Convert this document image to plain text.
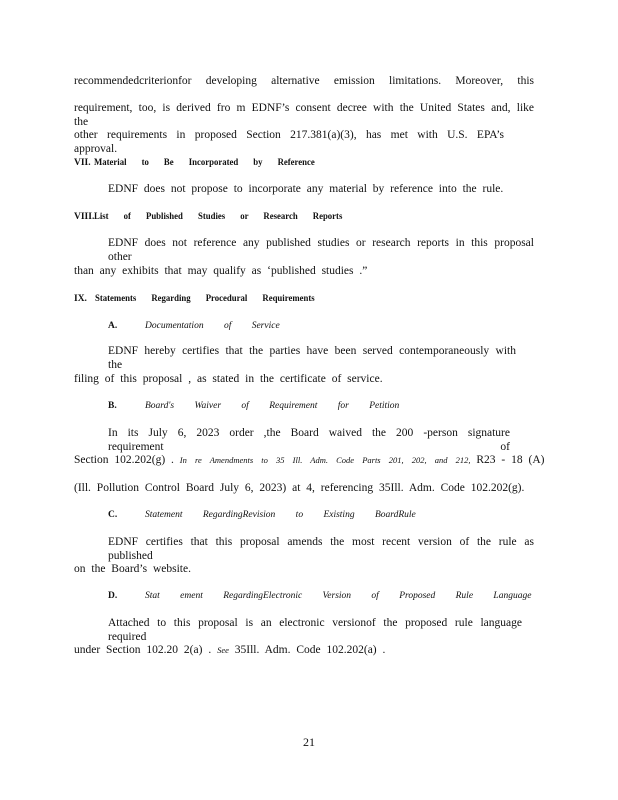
recommendedcriterionfor developing alternative emission limitations. Moreover, this
requirement, too, is derived fro m EDNF’s consent decree with the United States and, like the
other requirements in proposed Section 217.381(a)(3), has met with U.S. EPA’s approval.
VII. Material to Be Incorporated by Reference
EDNF does not propose to incorporate any material by reference into the rule.
VIII. List of Published Studies or Research Reports
EDNF does not reference any published studies or research reports in this proposal other
than any exhibits that may qualify as ‘published studies .”
IX. Statements Regarding Procedural Requirements
A.	Documentation of Service
EDNF hereby certifies that the parties have been served contemporaneously with the
filing of this proposal , as stated in the certificate of service.
B.	Board's Waiver of Requirement for Petition
In its July 6, 2023 order ,the Board waived the 200 -person signature requirement of
Section 102.202(g) . In re Amendments to 35 Ill. Adm. Code Parts 201, 202, and 212, R23 - 18 (A)
(Ill. Pollution Control Board July 6, 2023) at 4, referencing 35Ill. Adm. Code 102.202(g).
C.	Statement RegardingRevision to Existing BoardRule
EDNF certifies that this proposal amends the most recent version of the rule as published
on the Board’s website.
D.	Stat ement RegardingElectronic Version of Proposed Rule Language
Attached to this proposal is an electronic versionof the proposed rule language required
under Section 102.20 2(a) . See 35Ill. Adm. Code 102.202(a) .
21
